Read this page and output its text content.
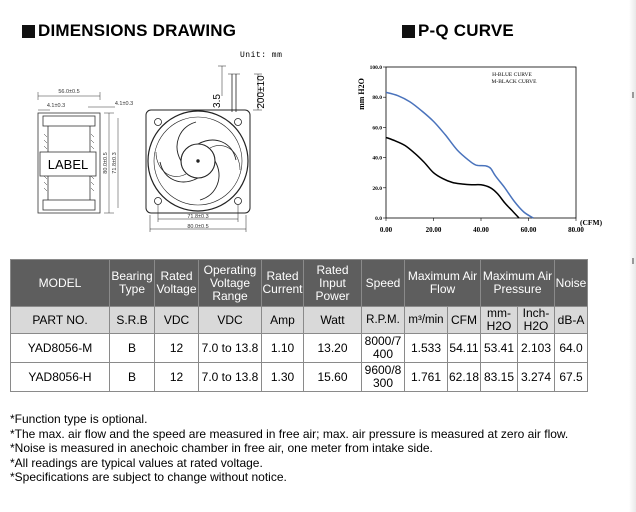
DIMENSIONS DRAWING	P-Q CURVE
Unit: mm
LABEL
56.0±0.5
4.1±0.3	4.1±0.3
80.0±0.5 71.8±0.3
71.8±0.3
80.0±0.5
3.5	200±10
0.0
20.0
40.0
60.0
80.0
100.0
0.00	20.00	40.00	60.00	80.00
mm H2O
(CFM)
H-BLUE CURVE
M-BLACK CURVE
MODEL	Bearing Type	Rated Voltage	Operating Voltage Range	Rated Current	Rated Input Power	Speed	Maximum Air Flow		Maximum Air Pressure		Noise
PART NO.	S.R.B	VDC	VDC	Amp	Watt	R.P.M.	m³/min	CFM	mm-H2O	Inch-H2O	dB-A
YAD8056-M	B	12	7.0 to 13.8	1.10	13.20	8000/7400	1.533	54.11	53.41	2.103	64.0
YAD8056-H	B	12	7.0 to 13.8	1.30	15.60	9600/8300	1.761	62.18	83.15	3.274	67.5
*Function type is optional.
*The max. air flow and the speed are measured in free air; max. air pressure is measured at zero air flow.
*Noise is measured in anechoic chamber in free air, one meter from intake side.
*All readings are typical values at rated voltage.
*Specifications are subject to change without notice.
